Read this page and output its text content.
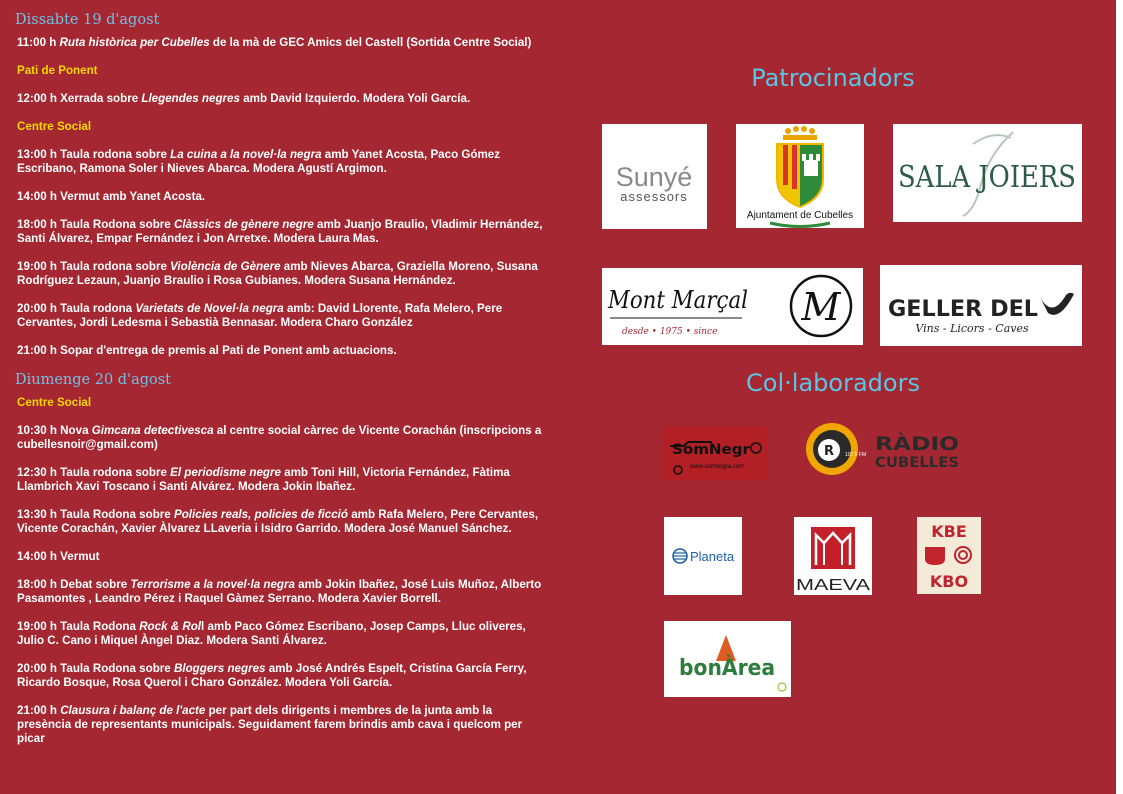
Dissabte 19 d'agost
11:00 h Ruta històrica per Cubelles de la mà de GEC Amics del Castell (Sortida Centre Social)
Pati de Ponent
12:00 h Xerrada sobre Llegendes negres amb David Izquierdo. Modera Yoli García.
Centre Social
13:00 h Taula rodona sobre La cuina a la novel·la negra amb Yanet Acosta, Paco Gómez Escribano, Ramona Soler i Nieves Abarca. Modera Agustí Argimon.
14:00 h Vermut amb Yanet Acosta.
18:00 h Taula Rodona sobre Clàssics de gènere negre amb Juanjo Braulio, Vladimir Hernández, Santi Álvarez, Empar Fernández i Jon Arretxe. Modera Laura Mas.
19:00 h Taula rodona sobre Violència de Gènere amb Nieves Abarca, Graziella Moreno, Susana Rodríguez Lezaun, Juanjo Braulio i Rosa Gubianes. Modera Susana Hernández.
20:00 h Taula rodona Varietats de Novel·la negra amb: David Llorente, Rafa Melero, Pere Cervantes, Jordi Ledesma i Sebastià Bennasar. Modera Charo González
21:00 h Sopar d'entrega de premis al Pati de Ponent amb actuacions.
Diumenge 20 d'agost
Centre Social
10:30 h Nova Gimcana detectivesca al centre social càrrec de Vicente Corachán (inscripcions a cubellesnoir@gmail.com)
12:30 h Taula rodona sobre El periodisme negre amb Toni Hill, Victoria Fernández, Fàtima Llambrich Xavi Toscano i Santi Alvárez. Modera Jokin Ibañez.
13:30 h Taula Rodona sobre Policies reals, policies de ficció amb Rafa Melero, Pere Cervantes, Vicente Corachán, Xavier Àlvarez LLaveria i Isidro Garrido. Modera José Manuel Sánchez.
14:00 h Vermut
18:00 h Debat sobre Terrorisme a la novel·la negra amb Jokin Ibañez, José Luis Muñoz, Alberto Pasamontes , Leandro Pérez i Raquel Gàmez Serrano. Modera Xavier Borrell.
19:00 h Taula Rodona Rock & Roll amb Paco Gómez Escribano, Josep Camps, Lluc oliveres, Julio C. Cano i Miquel Àngel Diaz. Modera Santi Álvarez.
20:00 h Taula Rodona sobre Bloggers negres amb José Andrés Espelt, Cristina García Ferry, Ricardo Bosque, Rosa Querol i Charo González. Modera Yoli García.
21:00 h Clausura i balanç de l'acte per part dels dirigents i membres de la junta amb la presència de representants municipals. Seguidament farem brindis amb cava i quelcom per picar
Patrocinadors
Col·laboradors
Sunyé
assessors
Ajuntament de Cubelles
SALA JOIERS
Mont Marçal
desde • 1975 • since
M GELLER DEL
Vins - Licors - Caves
SomNegr
www.somnegra.com
R 107.5 FM RÀDIO
CUBELLES
Planeta
MAEVA
KBE
KBO
bonÀrea
